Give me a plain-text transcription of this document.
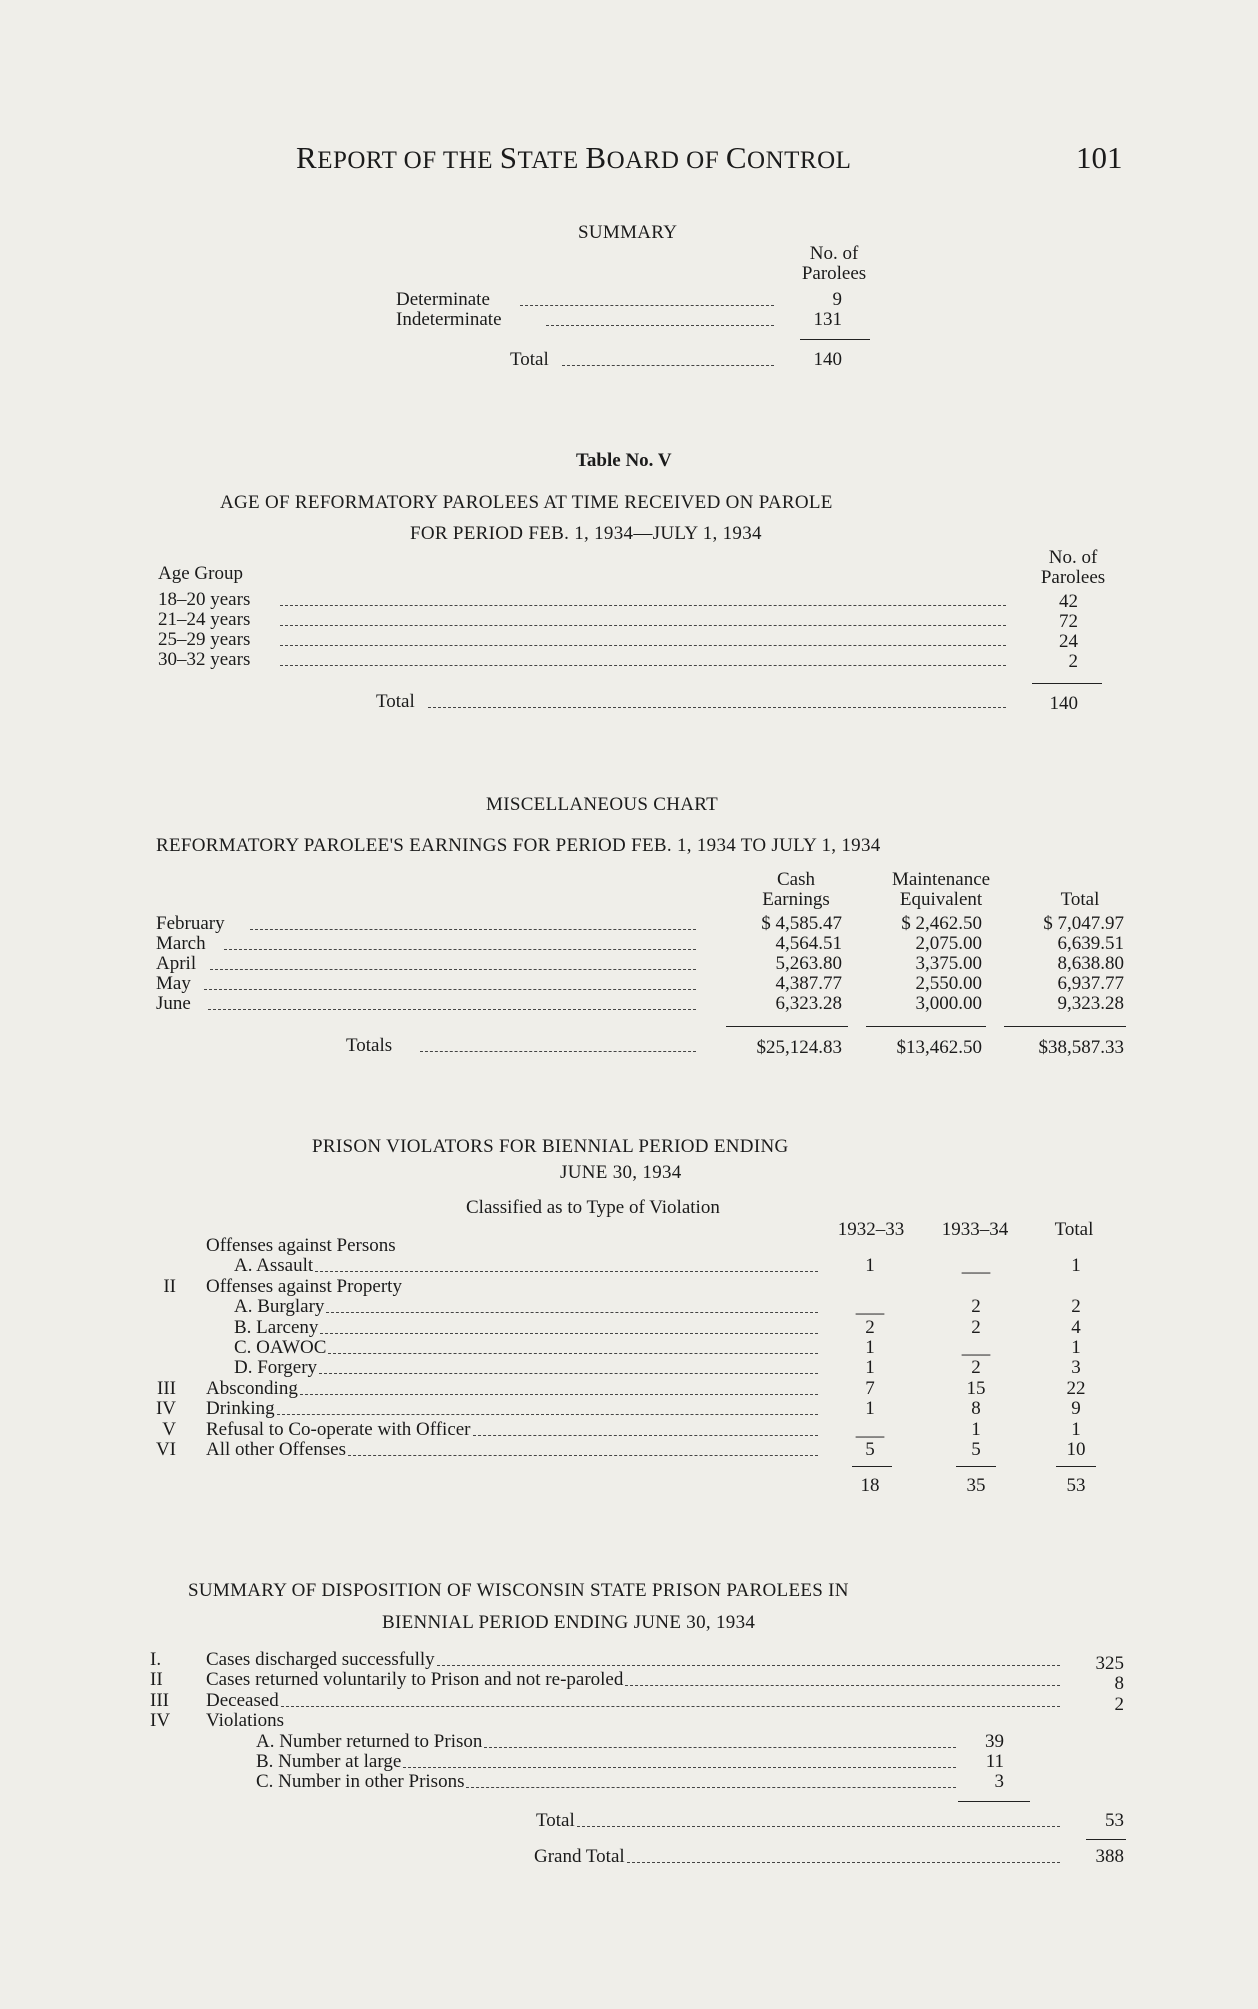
REPORT OF THE STATE BOARD OF CONTROL	101
SUMMARY
No. of
Parolees
Determinate	9
Indeterminate	131
Total	140
Table No. V
AGE OF REFORMATORY PAROLEES AT TIME RECEIVED ON PAROLE
FOR PERIOD FEB. 1, 1934—JULY 1, 1934
Age Group
No. of
Parolees
18–20 years	42
21–24 years	72
25–29 years	24
30–32 years	2
Total	140
MISCELLANEOUS CHART
REFORMATORY PAROLEE'S EARNINGS FOR PERIOD FEB. 1, 1934 TO JULY 1, 1934
Cash
Earnings
Maintenance
Equivalent	Total
February	$ 4,585.47	$ 2,462.50	$ 7,047.97
March	4,564.51	2,075.00	6,639.51
April	5,263.80	3,375.00	8,638.80
May	4,387.77	2,550.00	6,937.77
June	6,323.28	3,000.00	9,323.28
Totals	$25,124.83	$13,462.50	$38,587.33
PRISON VIOLATORS FOR BIENNIAL PERIOD ENDING
JUNE 30, 1934
Classified as to Type of Violation
1932–33	1933–34	Total
Offenses against Persons
A. Assault	1	___	1
II Offenses against Property
A. Burglary	___	2	2
B. Larceny	2	2	4
C. OAWOC	1	___	1
D. Forgery	1	2	3
III Absconding	7	15	22
IV Drinking	1	8	9
V Refusal to Co-operate with Officer	___	1	1
VI All other Offenses	5	5	10
18	35	53
SUMMARY OF DISPOSITION OF WISCONSIN STATE PRISON PAROLEES IN
BIENNIAL PERIOD ENDING JUNE 30, 1934
I. Cases discharged successfully	325
II Cases returned voluntarily to Prison and not re-paroled	8
III Deceased	2
IV Violations
A. Number returned to Prison	39
B. Number at large	11
C. Number in other Prisons	3
Total	53
Grand Total	388
